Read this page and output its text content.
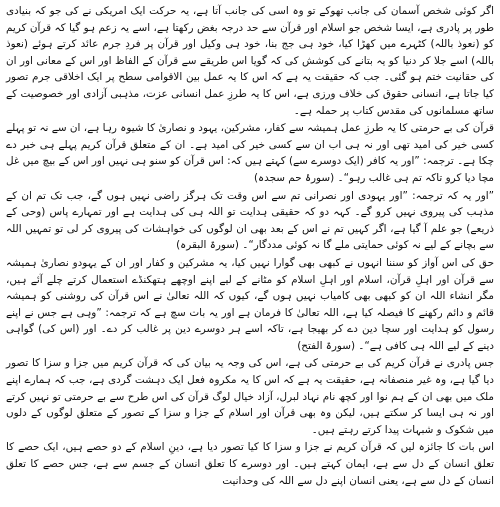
اگر کوئی شخص آسمان کی جانب تھوکے تو وہ اسی کی جانب آتا ہے، یہ حرکت ایک امریکی نے کی جو کہ بنیادی طور پر پادری ہے، ایسا شخص جو اسلام اور قرآن سے حد درجہ بغض رکھتا ہے، اسے یہ زعم ہو گیا کہ قرآن کریم کو (نعوذ باللہ) کٹہرے میں کھڑا کیا، خود ہی جج بنا، خود ہی وکیل اور قرآن پر فردِ جرم عائد کرتے ہوئے (نعوذ باللہ) اسے جلا کر دنیا کو یہ بتانے کی کوشش کی کہ گویا اس طریقے سے قرآن کے الفاظ اور اس کے معانی اور ان کی حقانیت ختم ہو گئی۔ جب کہ حقیقت یہ ہے کہ اس کا یہ عمل بین الاقوامی سطح پر ایک اخلاقی جرم تصور کیا جاتا ہے، انسانی حقوق کی خلاف ورزی ہے، اس کا یہ طرزِ عمل انسانی عزت، مذہبی آزادی اور خصوصیت کے ساتھ مسلمانوں کی مقدس کتاب پر حملہ ہے۔

قرآن کی بے حرمتی کا یہ طرزِ عمل ہمیشہ سے کفار، مشرکین، یہود و نصاریٰ کا شیوہ رہا ہے، ان سے نہ تو پہلے کسی خیر کی امید تھی اور نہ ہی اب ان سے کسی خیر کی امید ہے۔ ان کے متعلق قرآن کریم پہلے ہی خبر دے چکا ہے۔ ترجمہ: ”اور یہ کافر (ایک دوسرے سے) کہتے ہیں کہ: اس قرآن کو سنو ہی نہیں اور اس کے بیچ میں غل مچا دیا کرو تاکہ تم ہی غالب رہو“۔ (سورۂ حم سجدہ)

”اور یہ کہ ترجمہ: ”اور یہودی اور نصرانی تم سے اس وقت تک ہرگز راضی نہیں ہوں گے، جب تک تم ان کے مذہب کی پیروی نہیں کرو گے۔ کہہ دو کہ حقیقی ہدایت تو اللہ ہی کی ہدایت ہے اور تمہارے پاس (وحی کے ذریعے) جو علم آ گیا ہے، اگر کہیں تم نے اس کے بعد بھی ان لوگوں کی خواہشات کی پیروی کر لی تو تمہیں اللہ سے بچانے کے لیے نہ کوئی حمایتی ملے گا نہ کوئی مددگار“۔ (سورۃ البقرہ)

حق کی اس آواز کو سننا انہوں نے کبھی بھی گوارا نہیں کیا، یہ مشرکین و کفار اور ان کے یہودو نصاریٰ ہمیشہ سے قرآن اور اہلِ قرآن، اسلام اور اہلِ اسلام کو مٹانے کے لیے اپنے اوچھے ہتھکنڈے استعمال کرتے چلے آئے ہیں، مگر انشاء اللہ ان کو کبھی بھی کامیاب نہیں ہوں گے، کیوں کہ اللہ تعالیٰ نے اس قرآن کی روشنی کو ہمیشہ قائم و دائم رکھنے کا فیصلہ کیا ہے، اللہ تعالیٰ کا فرمان ہے اور یہ بات سچ ہے کہ ترجمہ: ”وہی ہے جس نے اپنے رسول کو ہدایت اور سچا دین دے کر بھیجا ہے، تاکہ اسے ہر دوسرے دین پر غالب کر دے۔ اور (اس کی) گواہی دینے کے لیے اللہ ہی کافی ہے“۔ (سورۃ الفتح)

جس پادری نے قرآن کریم کی بے حرمتی کی ہے، اس کی وجہ یہ بیان کی کہ قرآن کریم میں جزا و سزا کا تصور دیا گیا ہے، وہ غیر منصفانہ ہے، حقیقت یہ ہے کہ اس کا یہ مکروہ فعل ایک دہشت گردی ہے، جب کہ ہمارے اپنے ملک میں بھی ان کے ہم نوا اور کچھ نام نہاد لبرل، آزاد خیال لوگ قرآن کی اس طرح سے بے حرمتی تو نہیں کرتے اور نہ ہی ایسا کر سکتے ہیں، لیکن وہ بھی قرآن اور اسلام کے جزا و سزا کے تصور کے متعلق لوگوں کے دلوں میں شکوک و شبہات پیدا کرتے رہتے ہیں۔

اس بات کا جائزہ لیں کہ قرآن کریم نے جزا و سزا کا کیا تصور دیا ہے، دینِ اسلام کے دو حصے ہیں، ایک حصے کا تعلق انسان کے دل سے ہے، ایمان کہتے ہیں۔ اور دوسرے کا تعلق انسان کے جسم سے ہے، جس حصے کا تعلق انسان کے دل سے ہے، یعنی انسان اپنے دل سے اللہ کی وحدانیت
